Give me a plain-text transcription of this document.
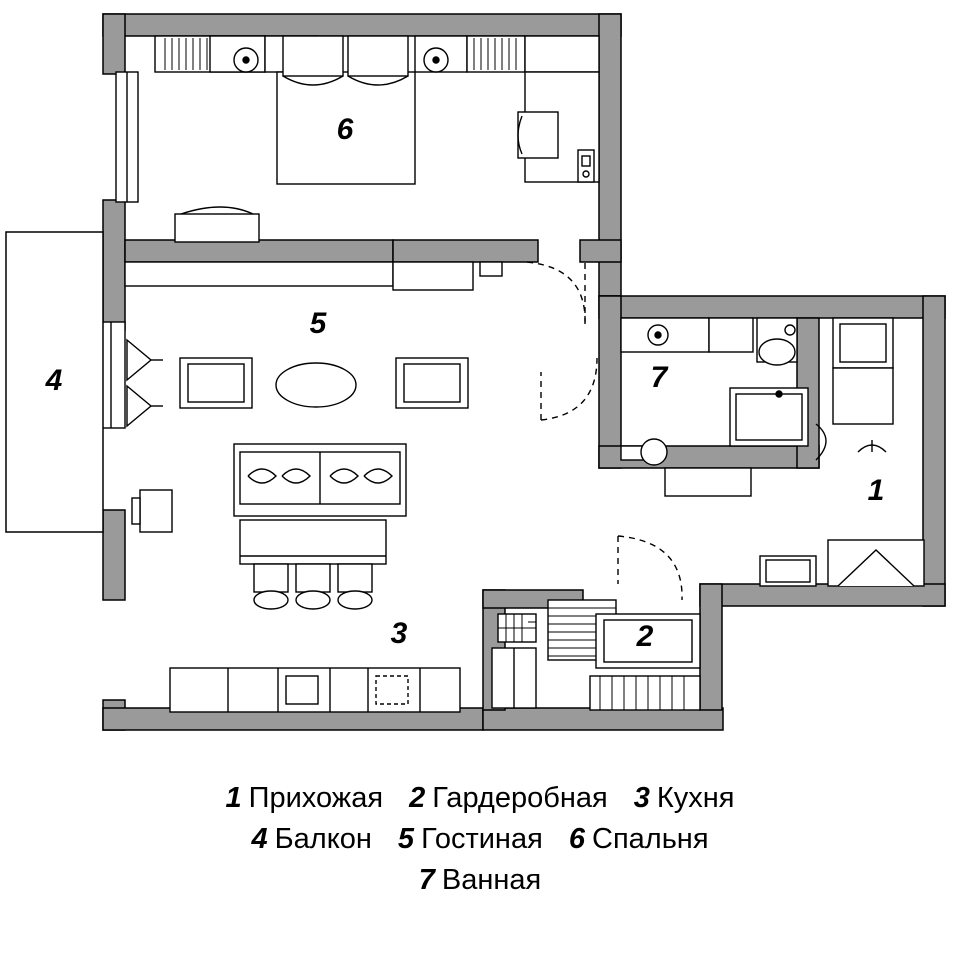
1
2
3
4
5
6
7
1 Прихожая 2 Гардеробная 3 Кухня
4 Балкон 5 Гостиная 6 Спальня
7 Ванная
